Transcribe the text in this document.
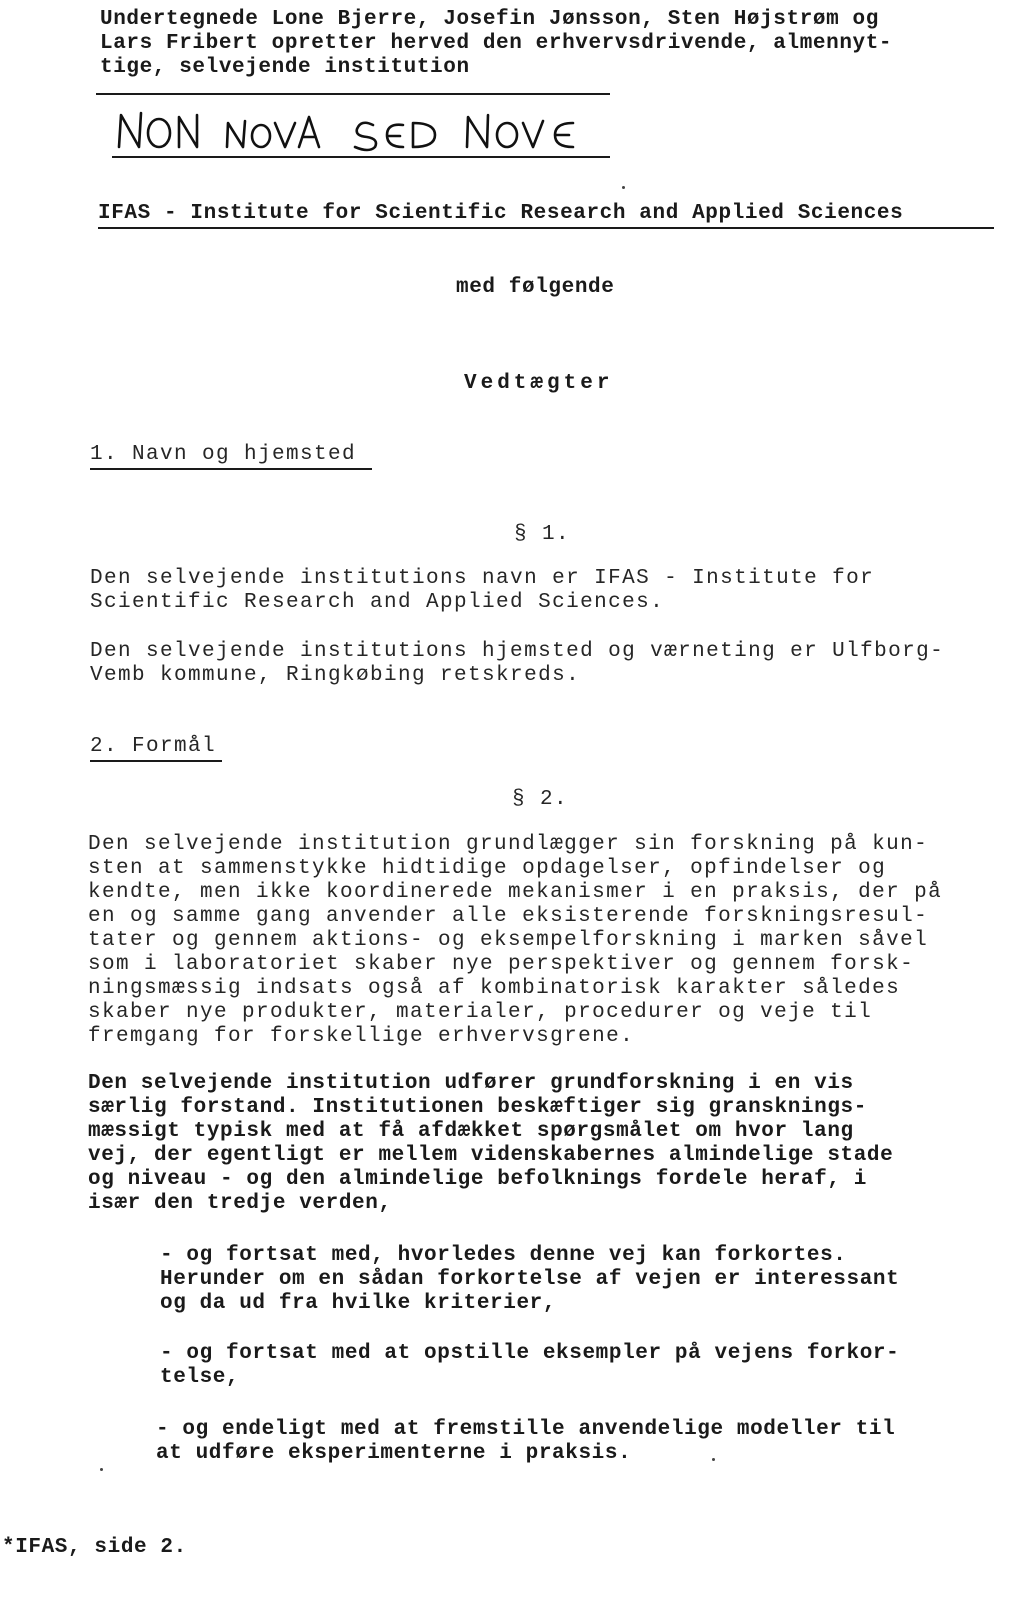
Undertegnede Lone Bjerre, Josefin Jønsson, Sten Højstrøm og
Lars Fribert opretter herved den erhvervsdrivende, almennyt-
tige, selvejende institution
IFAS - Institute for Scientific Research and Applied Sciences
med følgende
Vedtægter
1. Navn og hjemsted
§ 1.
Den selvejende institutions navn er IFAS - Institute for
Scientific Research and Applied Sciences.
Den selvejende institutions hjemsted og værneting er Ulfborg-
Vemb kommune, Ringkøbing retskreds.
2. Formål
§ 2.
Den selvejende institution grundlægger sin forskning på kun-
sten at sammenstykke hidtidige opdagelser, opfindelser og
kendte, men ikke koordinerede mekanismer i en praksis, der på
en og samme gang anvender alle eksisterende forskningsresul-
tater og gennem aktions- og eksempelforskning i marken såvel
som i laboratoriet skaber nye perspektiver og gennem forsk-
ningsmæssig indsats også af kombinatorisk karakter således
skaber nye produkter, materialer, procedurer og veje til
fremgang for forskellige erhvervsgrene.
Den selvejende institution udfører grundforskning i en vis
særlig forstand. Institutionen beskæftiger sig gransknings-
mæssigt typisk med at få afdækket spørgsmålet om hvor lang
vej, der egentligt er mellem videnskabernes almindelige stade
og niveau - og den almindelige befolknings fordele heraf, i
især den tredje verden,
- og fortsat med, hvorledes denne vej kan forkortes.
Herunder om en sådan forkortelse af vejen er interessant
og da ud fra hvilke kriterier,
- og fortsat med at opstille eksempler på vejens forkor-
telse,
- og endeligt med at fremstille anvendelige modeller til
at udføre eksperimenterne i praksis.
*IFAS, side 2.
